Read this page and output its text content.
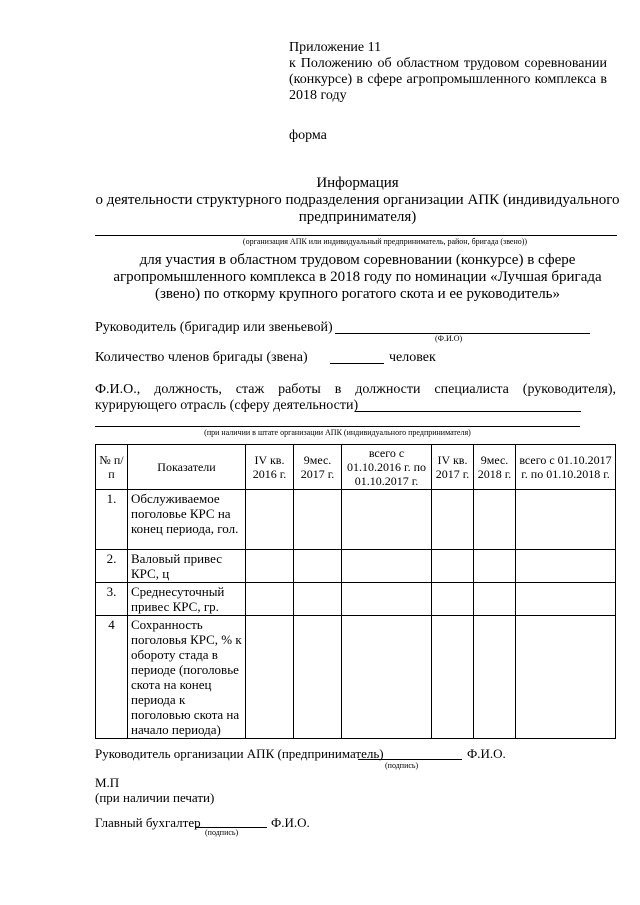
Приложение 11
к Положению об областном трудовом соревновании
(конкурсе) в сфере агропромышленного комплекса в
2018 году
форма
Информация
о деятельности структурного подразделения организации АПК (индивидуального
предпринимателя)
(организация АПК или индивидуальный предприниматель, район, бригада (звено))
для участия в областном трудовом соревновании (конкурсе) в сфере
агропромышленного комплекса в 2018 году по номинации «Лучшая бригада
(звено) по откорму крупного рогатого скота и ее руководитель»
Руководитель (бригадир или звеньевой)
(Ф.И.О)
Количество членов бригады (звена)	человек
Ф.И.О., должность, стаж работы в должности специалиста (руководителя),
курирующего отрасль (сферу деятельности)
(при наличии в штате организации АПК (индивидуального предпринимателя)
№ п/п	Показатели	IV кв. 2016 г.	9мес. 2017 г.	всего с 01.10.2016 г. по 01.10.2017 г.	IV кв. 2017 г.	9мес. 2018 г.	всего с 01.10.2017 г. по 01.10.2018 г.
1.	Обслуживаемое поголовье КРС на конец периода, гол.						
2.	Валовый привес КРС, ц						
3.	Среднесуточный привес КРС, гр.						
4	Сохранность поголовья КРС, % к обороту стада в периоде (поголовье скота на конец периода к поголовью скота на начало периода)						
Руководитель организации АПК (предприниматель)	Ф.И.О.
(подпись)
М.П
(при наличии печати)
Главный бухгалтер	Ф.И.О.
(подпись)
